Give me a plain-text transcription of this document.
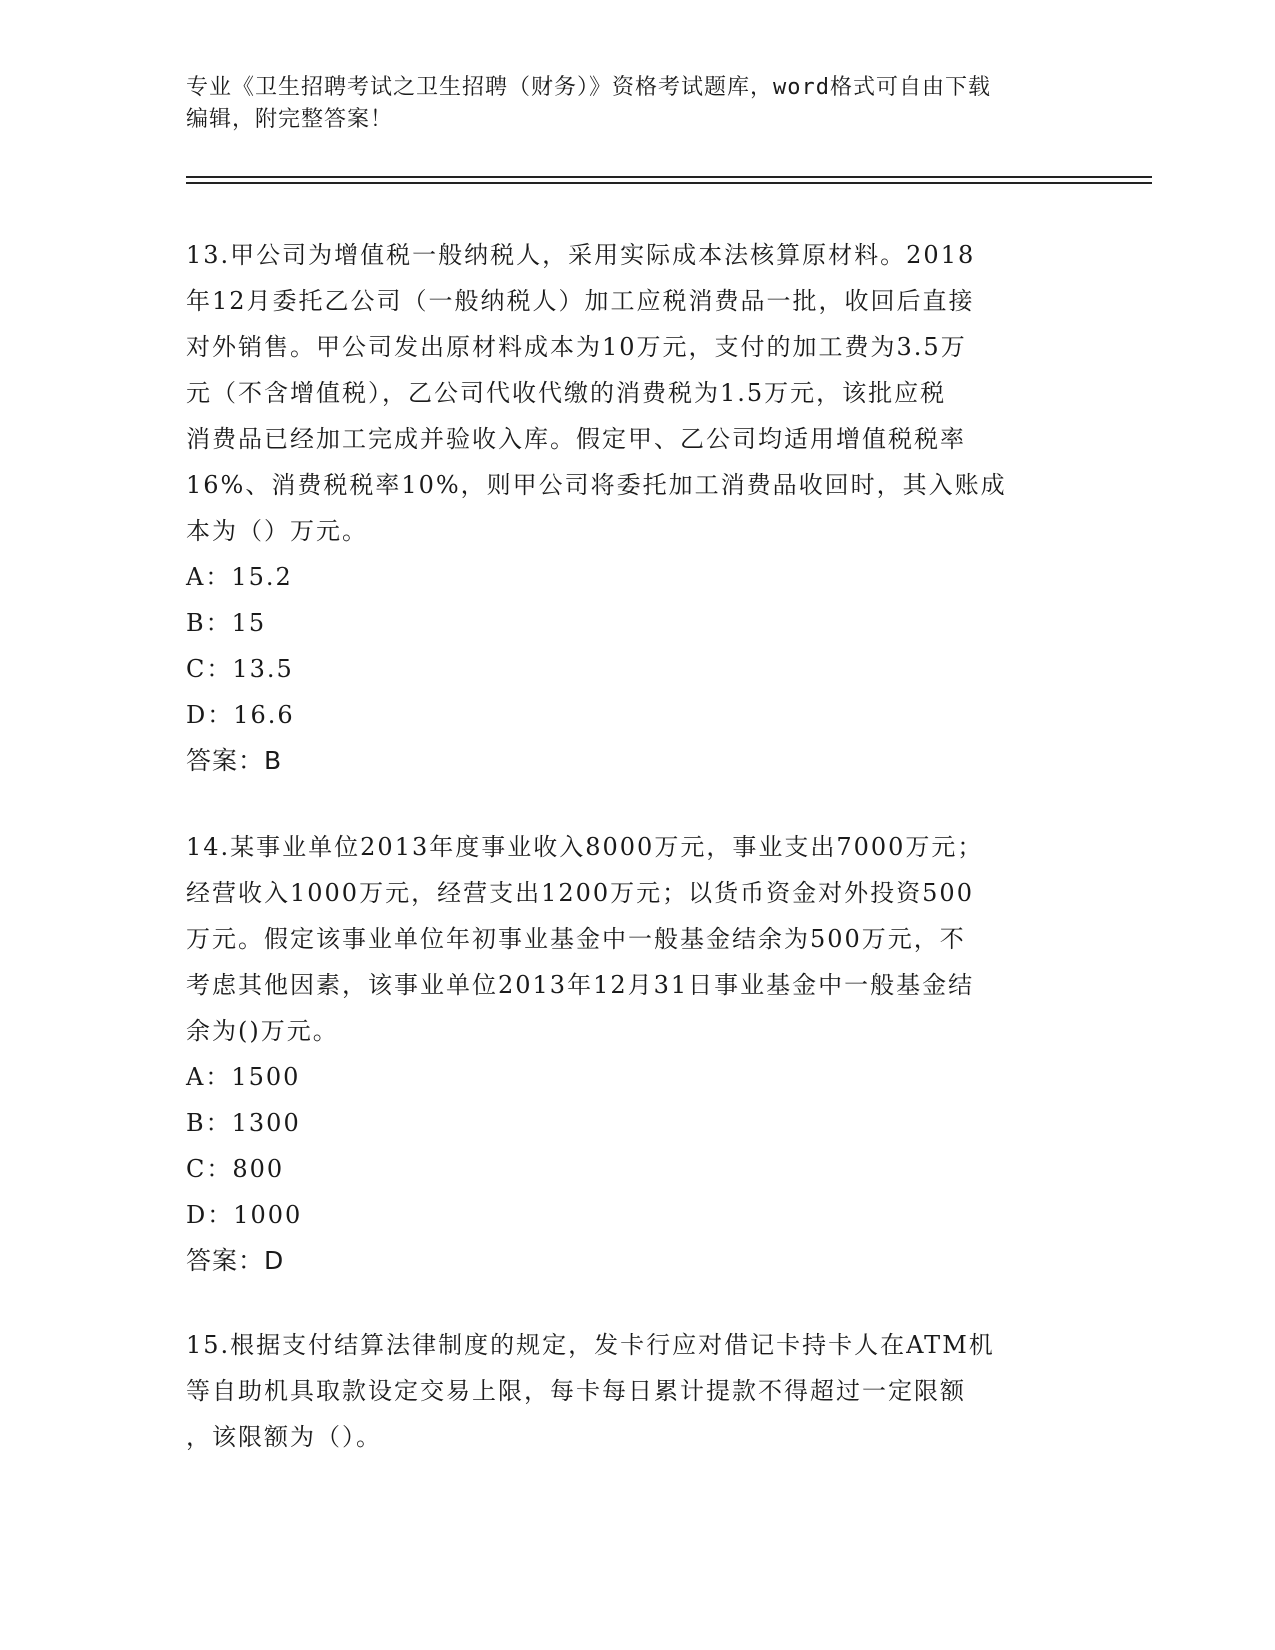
专业《卫生招聘考试之卫生招聘（财务）》资格考试题库，word格式可自由下载
编辑，附完整答案！
13.甲公司为增值税一般纳税人，采用实际成本法核算原材料。2018
年12月委托乙公司（一般纳税人）加工应税消费品一批，收回后直接
对外销售。甲公司发出原材料成本为10万元，支付的加工费为3.5万
元（不含增值税），乙公司代收代缴的消费税为1.5万元，该批应税
消费品已经加工完成并验收入库。假定甲、乙公司均适用增值税税率
16%、消费税税率10%，则甲公司将委托加工消费品收回时，其入账成
本为（）万元。
A：15.2
B：15
C：13.5
D：16.6
答案：B
14.某事业单位2013年度事业收入8000万元，事业支出7000万元；
经营收入1000万元，经营支出1200万元；以货币资金对外投资500
万元。假定该事业单位年初事业基金中一般基金结余为500万元，不
考虑其他因素，该事业单位2013年12月31日事业基金中一般基金结
余为()万元。
A：1500
B：1300
C：800
D：1000
答案：D
15.根据支付结算法律制度的规定，发卡行应对借记卡持卡人在ATM机
等自助机具取款设定交易上限，每卡每日累计提款不得超过一定限额
，该限额为（）。
